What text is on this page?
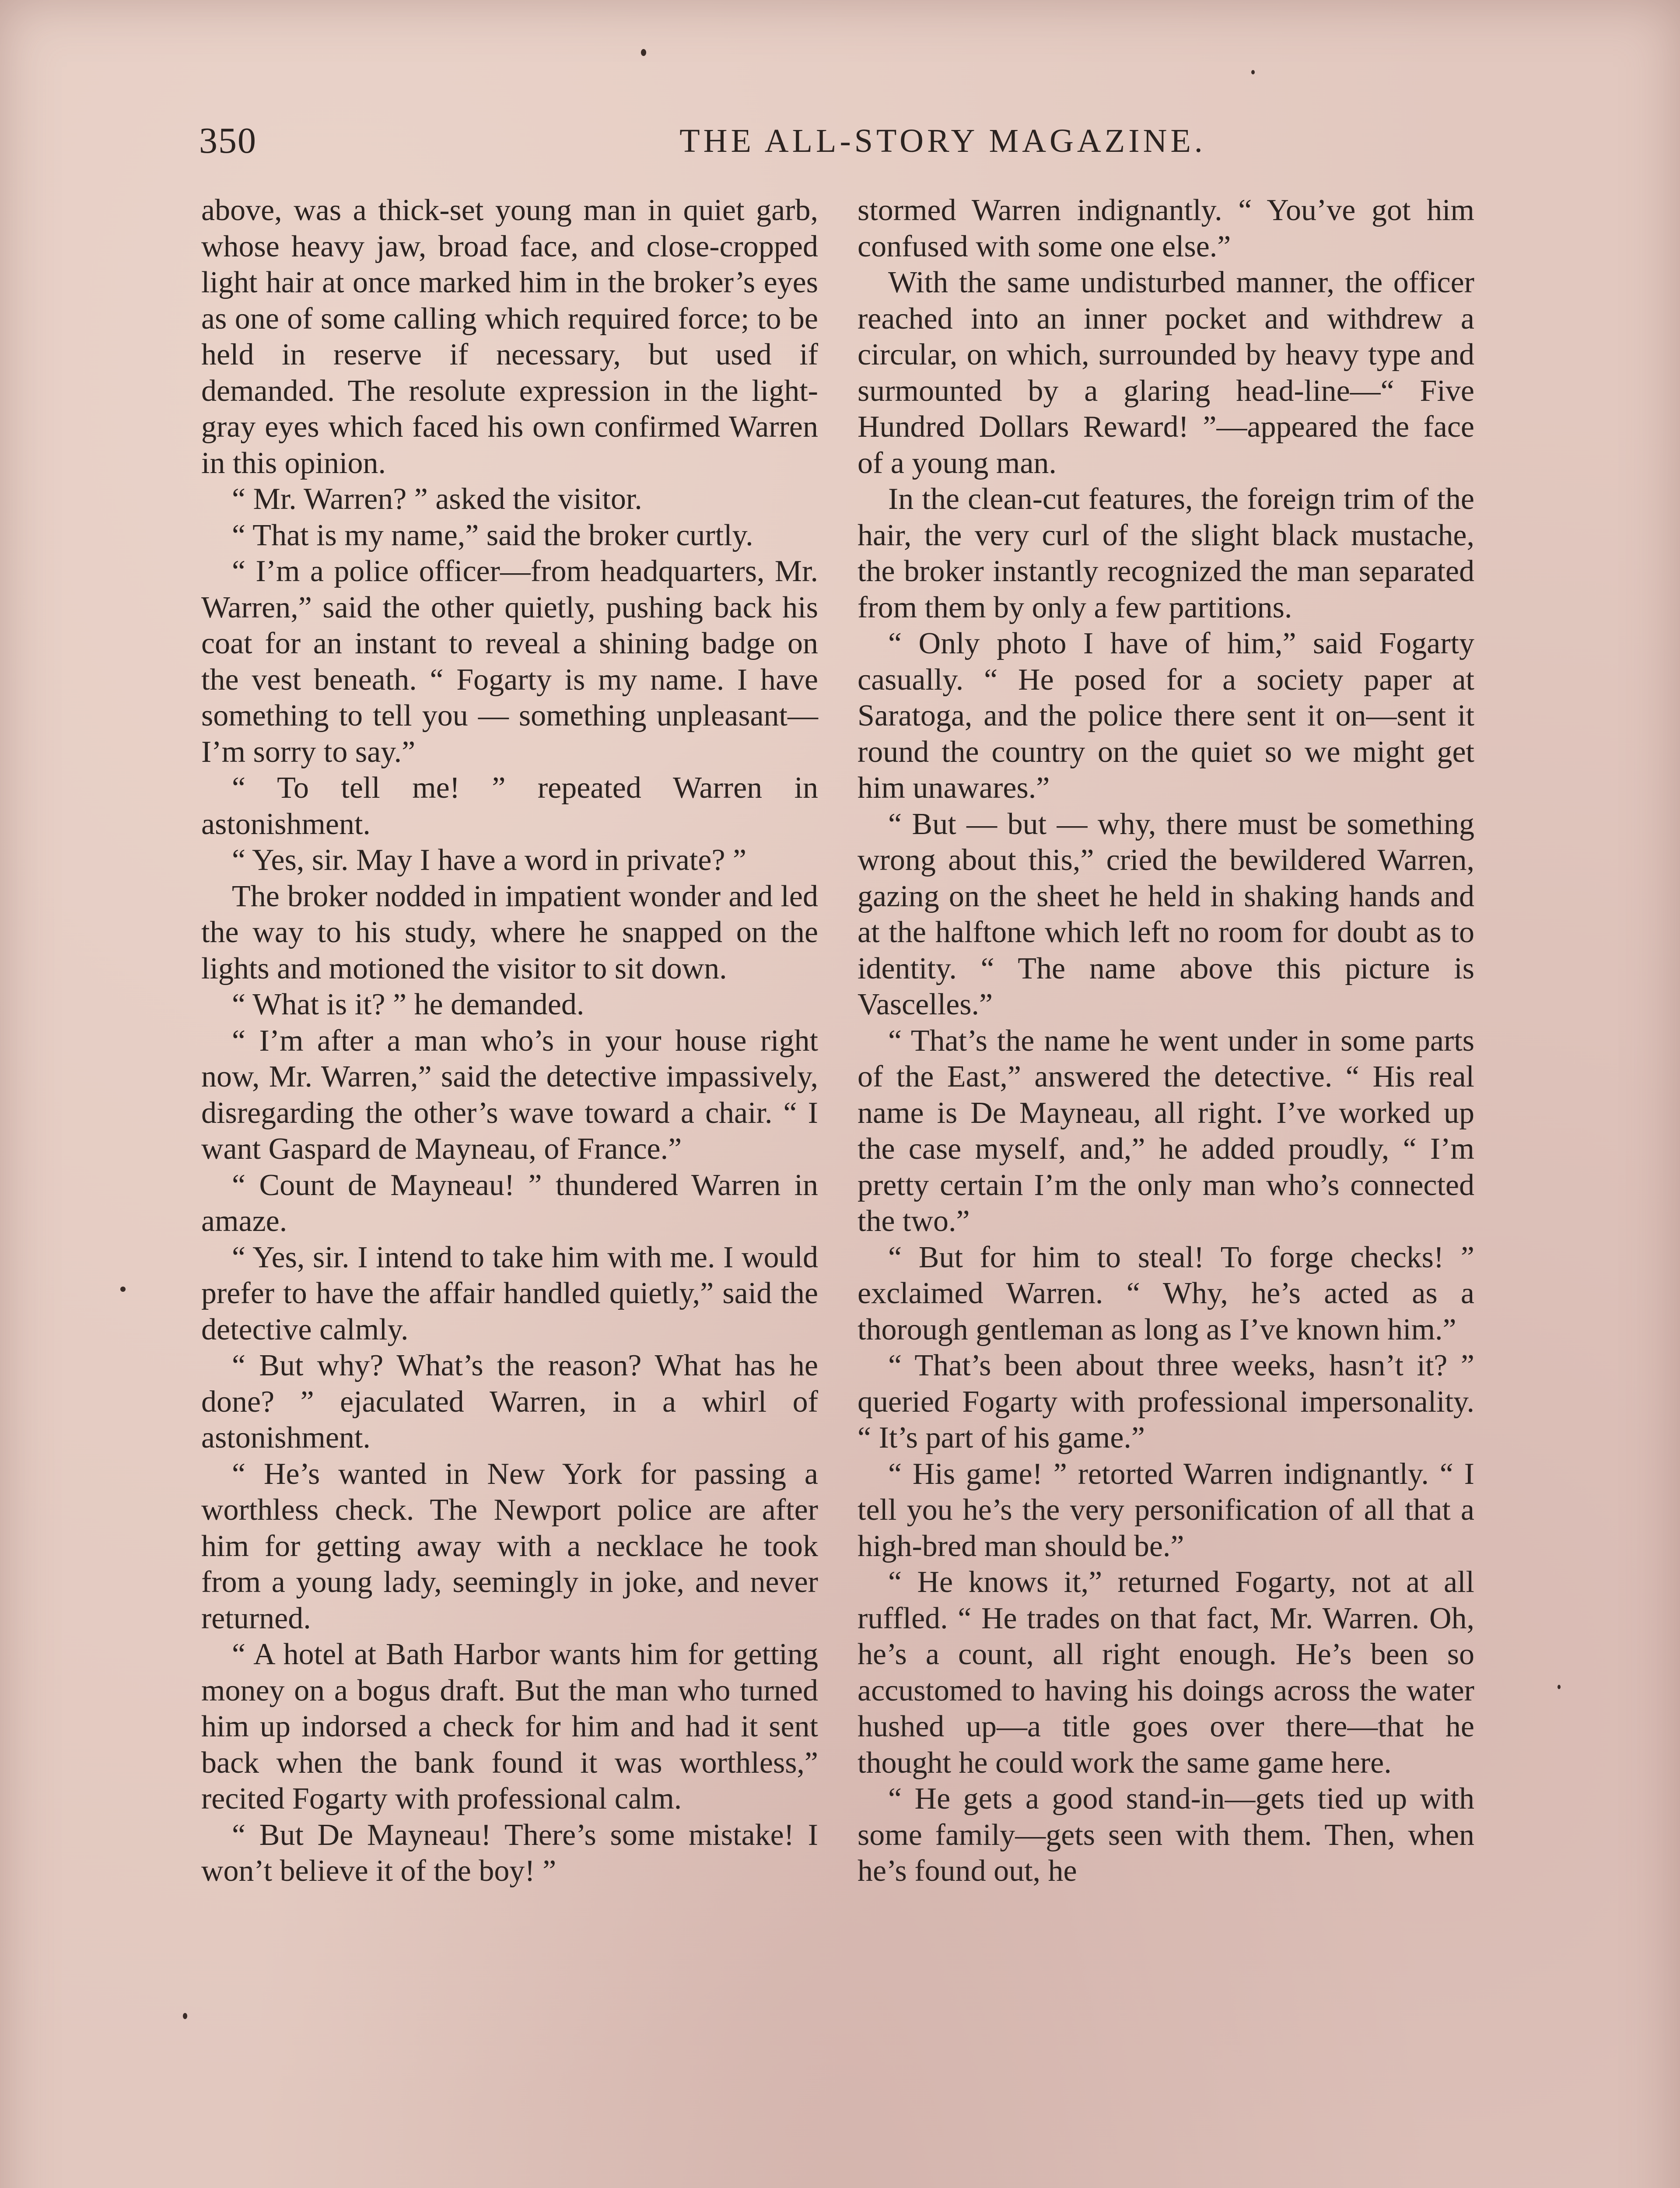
350	THE ALL-STORY MAGAZINE.

above, was a thick-set young man in quiet garb, whose heavy jaw, broad face, and close-cropped light hair at once marked him in the broker’s eyes as one of some calling which required force; to be held in reserve if necessary, but used if demanded. The resolute expression in the light-gray eyes which faced his own confirmed Warren in this opinion.

“ Mr. Warren? ” asked the visitor.

“ That is my name,” said the broker curtly.

“ I’m a police officer—from headquarters, Mr. Warren,” said the other quietly, pushing back his coat for an instant to reveal a shining badge on the vest beneath. “ Fogarty is my name. I have something to tell you — something unpleasant—I’m sorry to say.”

“ To tell me! ” repeated Warren in astonishment.

“ Yes, sir. May I have a word in private? ”

The broker nodded in impatient wonder and led the way to his study, where he snapped on the lights and motioned the visitor to sit down.

“ What is it? ” he demanded.

“ I’m after a man who’s in your house right now, Mr. Warren,” said the detective impassively, disregarding the other’s wave toward a chair. “ I want Gaspard de Mayneau, of France.”

“ Count de Mayneau! ” thundered Warren in amaze.

“ Yes, sir. I intend to take him with me. I would prefer to have the affair handled quietly,” said the detective calmly.

“ But why? What’s the reason? What has he done? ” ejaculated Warren, in a whirl of astonishment.

“ He’s wanted in New York for passing a worthless check. The Newport police are after him for getting away with a necklace he took from a young lady, seemingly in joke, and never returned.

“ A hotel at Bath Harbor wants him for getting money on a bogus draft. But the man who turned him up indorsed a check for him and had it sent back when the bank found it was worthless,” recited Fogarty with professional calm.

“ But De Mayneau! There’s some mistake! I won’t believe it of the boy! ”

stormed Warren indignantly. “ You’ve got him confused with some one else.”

With the same undisturbed manner, the officer reached into an inner pocket and withdrew a circular, on which, surrounded by heavy type and surmounted by a glaring head-line—“ Five Hundred Dollars Reward! ”—appeared the face of a young man.

In the clean-cut features, the foreign trim of the hair, the very curl of the slight black mustache, the broker instantly recognized the man separated from them by only a few partitions.

“ Only photo I have of him,” said Fogarty casually. “ He posed for a society paper at Saratoga, and the police there sent it on—sent it round the country on the quiet so we might get him unawares.”

“ But — but — why, there must be something wrong about this,” cried the bewildered Warren, gazing on the sheet he held in shaking hands and at the halftone which left no room for doubt as to identity. “ The name above this picture is Vascelles.”

“ That’s the name he went under in some parts of the East,” answered the detective. “ His real name is De Mayneau, all right. I’ve worked up the case myself, and,” he added proudly, “ I’m pretty certain I’m the only man who’s connected the two.”

“ But for him to steal! To forge checks! ” exclaimed Warren. “ Why, he’s acted as a thorough gentleman as long as I’ve known him.”

“ That’s been about three weeks, hasn’t it? ” queried Fogarty with professional impersonality. “ It’s part of his game.”

“ His game! ” retorted Warren indignantly. “ I tell you he’s the very personification of all that a high-bred man should be.”

“ He knows it,” returned Fogarty, not at all ruffled. “ He trades on that fact, Mr. Warren. Oh, he’s a count, all right enough. He’s been so accustomed to having his doings across the water hushed up—a title goes over there—that he thought he could work the same game here.

“ He gets a good stand-in—gets tied up with some family—gets seen with them. Then, when he’s found out, he
